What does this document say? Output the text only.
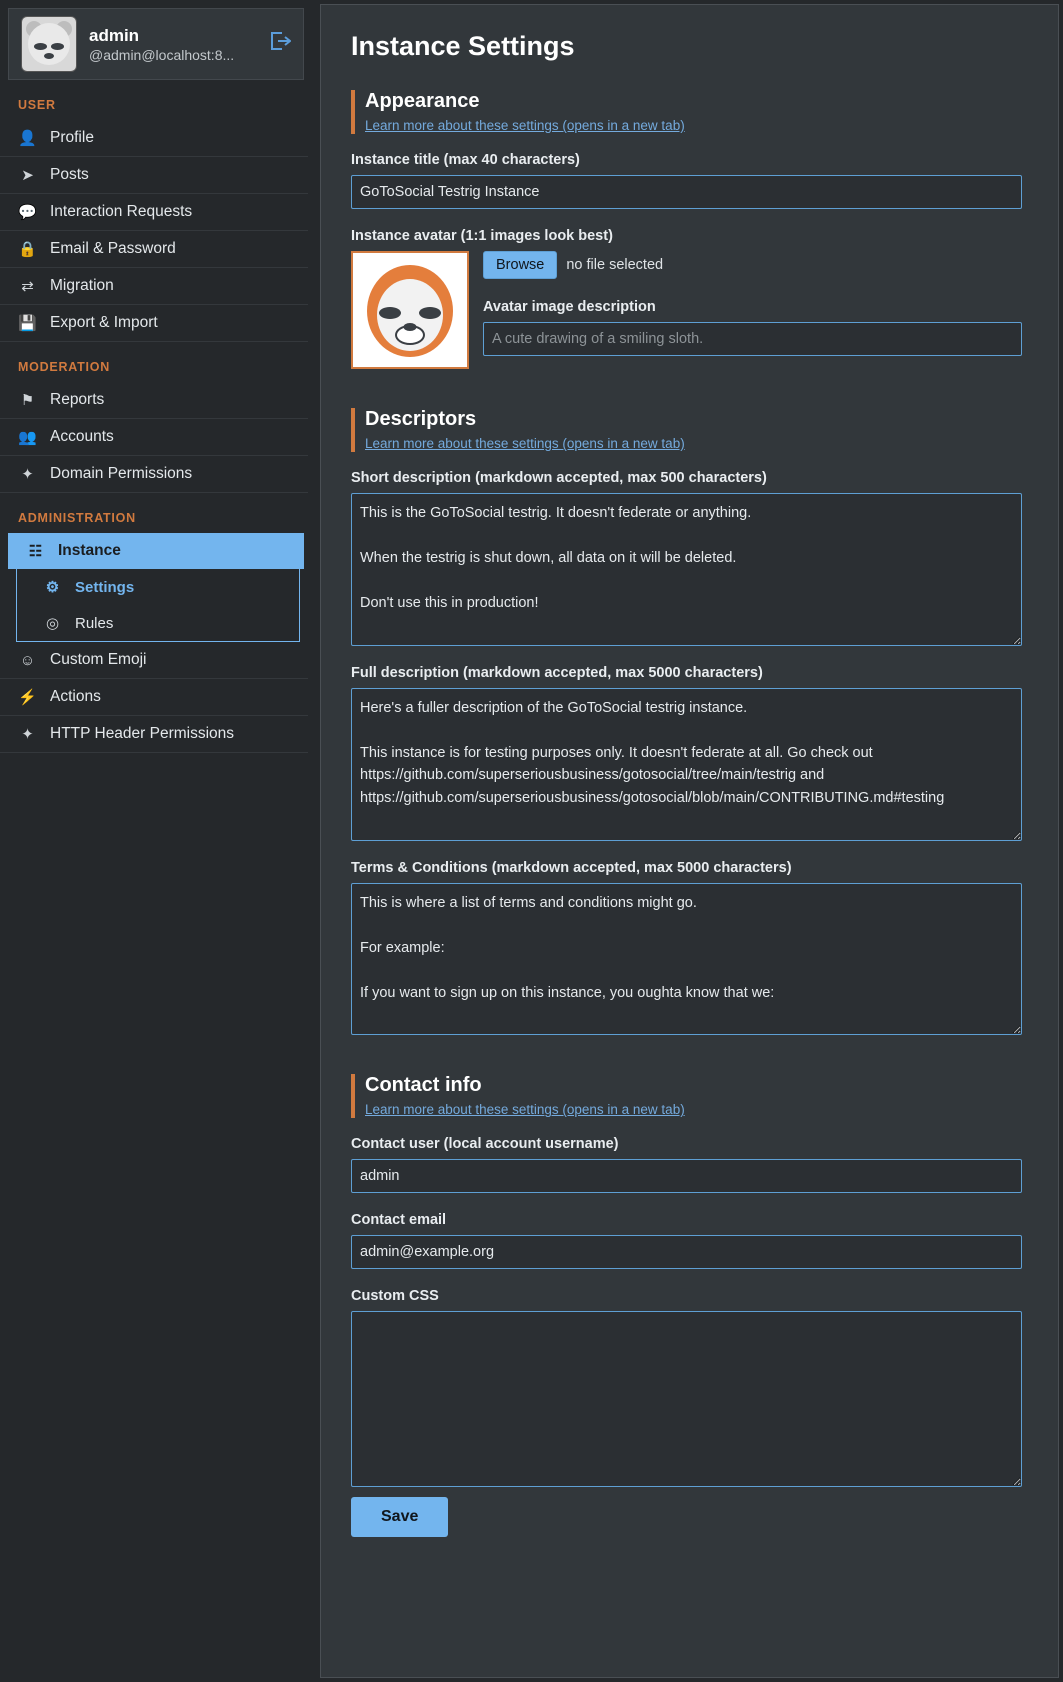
admin
@admin@localhost:8...
USER
👤 Profile
➤ Posts
💬 Interaction Requests
🔒 Email & Password
⇄ Migration
💾 Export & Import
MODERATION
⚑ Reports
👥 Accounts
✦ Domain Permissions
ADMINISTRATION
☷ Instance
⚙ Settings
◎ Rules
☺ Custom Emoji
⚡ Actions
✦ HTTP Header Permissions
Instance Settings
Appearance
Learn more about these settings (opens in a new tab)
Instance title (max 40 characters)
GoToSocial Testrig Instance
Instance avatar (1:1 images look best)
Browse	no file selected
Avatar image description
A cute drawing of a smiling sloth.
Descriptors
Learn more about these settings (opens in a new tab)
Short description (markdown accepted, max 500 characters)
This is the GoToSocial testrig. It doesn't federate or anything. When the testrig is shut down, all data on it will be deleted. Don't use this in production!
Full description (markdown accepted, max 5000 characters)
Here's a fuller description of the GoToSocial testrig instance. This instance is for testing purposes only. It doesn't federate at all. Go check out https://github.com/superseriousbusiness/gotosocial/tree/main/testrig and https://github.com/superseriousbusiness/gotosocial/blob/main/CONTRIBUTING.md#testing
Terms & Conditions (markdown accepted, max 5000 characters)
This is where a list of terms and conditions might go. For example: If you want to sign up on this instance, you oughta know that we:
Contact info
Learn more about these settings (opens in a new tab)
Contact user (local account username)
admin
Contact email
admin@example.org
Custom CSS
Save
